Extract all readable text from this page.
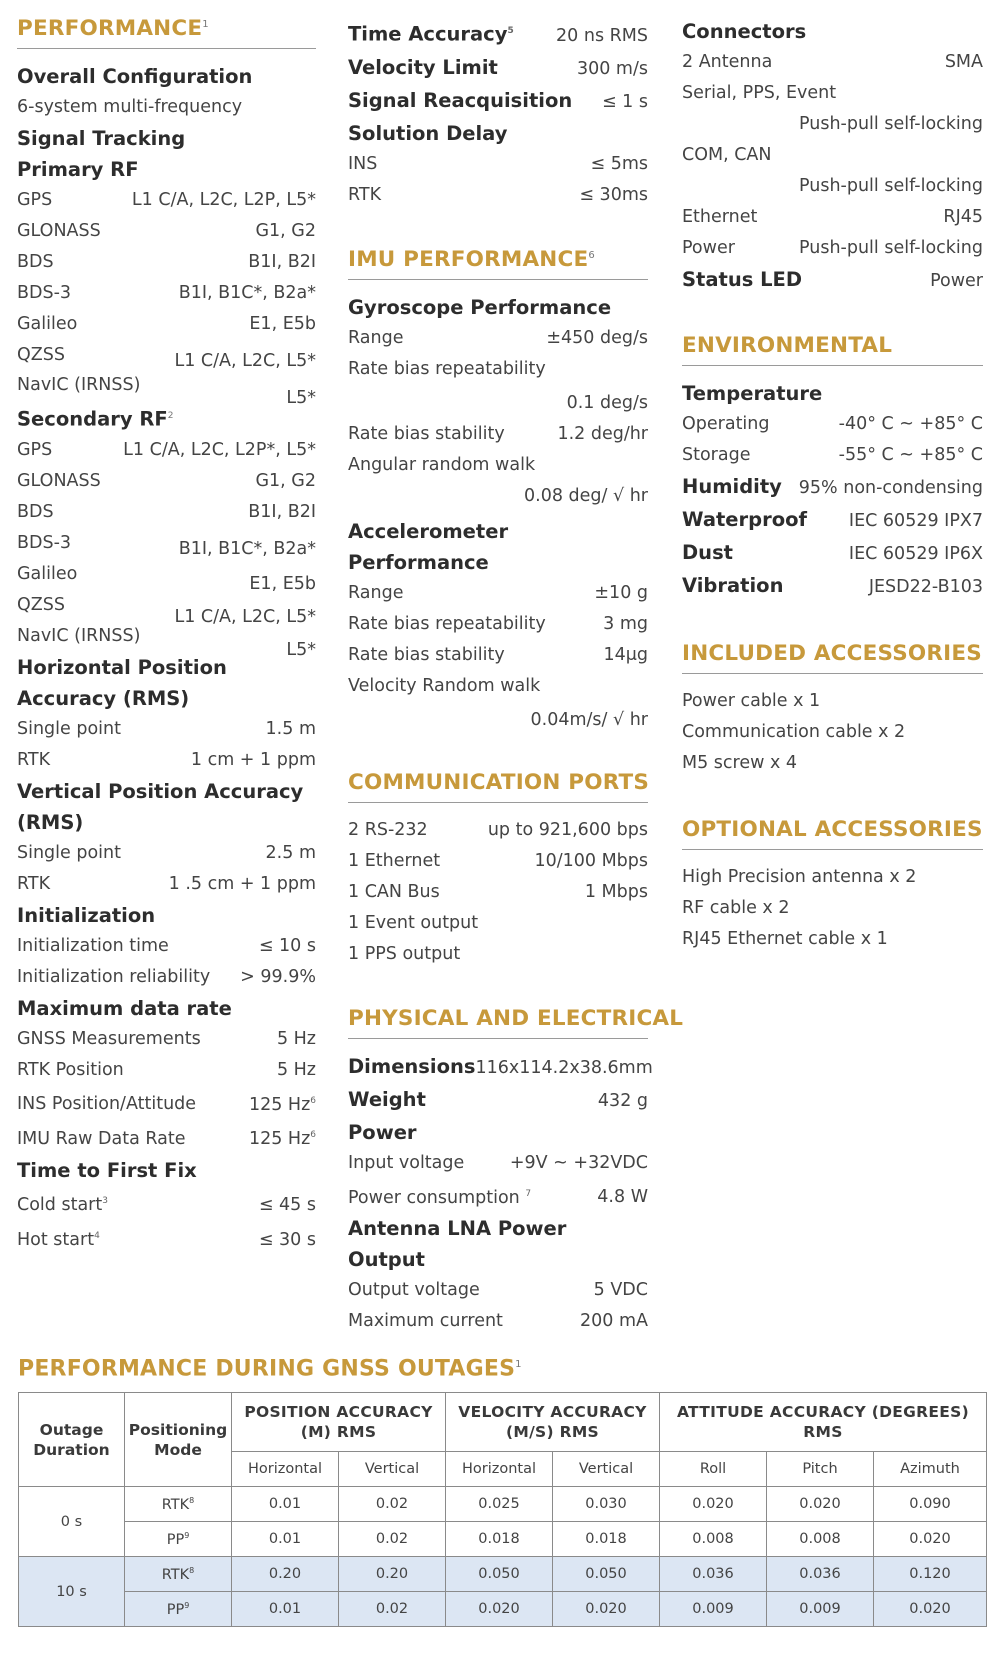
PERFORMANCE$^1$
Overall Configuration
6-system multi-frequency
Signal Tracking
Primary RF
GPS	L1 C/A, L2C, L2P, L5*
GLONASS	G1, G2
BDS	B1I, B2I
BDS-3	B1I, B1C*, B2a*
Galileo	E1, E5b
QZSS	L1 C/A, L2C, L5*
NavIC (IRNSS)
L5*
Secondary $RF^2$
GPS	L1 C/A, L2C, L2P*, L5*
GLONASS	G1, G2
BDS	B1I, B2I
BDS-3	B1I, B1C*, B2a*
Galileo	E1, E5b
QZSS
L1 C/A, L2C, L5*
NavIC (IRNSS)
L5*
Horizontal Position
Accuracy (RMS)
Single point	1.5 m
RTK	1 cm + 1 ppm
Vertical Position Accuracy
(RMS)
Single point	2.5 m
RTK	1 .5 cm + 1 ppm
Initialization
Initialization time	≤ 10 s
Initialization reliability > 99.9%
Maximum data rate
GNSS Measurements	5 Hz
RTK Position	5 Hz
INS Position/Attitude	125 Hz$^6$
IMU Raw Data Rate	125 Hz$^6$
Time to First Fix
Cold start$^3$	≤ 45 s
Hot start$^4$	≤ 30 s
Time Accuracy$^5$ 20 ns RMS
Velocity Limit	300 m/s
Signal Reacquisition ≤ 1 s
Solution Delay
INS	≤ 5ms
RTK	≤ 30ms
IMU PERFORMANCE$^6$
Gyroscope Performance
Range	±450 deg/s
Rate bias repeatability
0.1 deg/s
Rate bias stability	1.2 deg/hr
Angular random walk
0.08 deg/ √ hr
Accelerometer Performance
Range	±10 g
Rate bias repeatability	3 mg
Rate bias stability	14μg
Velocity Random walk
0.04m/s/ √ hr
COMMUNICATION PORTS
2 RS-232	up to 921,600 bps
1 Ethernet	10/100 Mbps
1 CAN Bus	1 Mbps
1 Event output
1 PPS output
PHYSICAL AND ELECTRICAL
Dimensions 116x114.2x38.6mm
Weight	432 g
Power
Input voltage	+9V ~ +32VDC
Power consumption $^7$	4.8 W
Antenna LNA Power Output
Output voltage	5 VDC
Maximum current	200 mA
Connectors
2 Antenna	SMA
Serial, PPS, Event
Push-pull self-locking
COM, CAN
Push-pull self-locking
Ethernet	RJ45
Power	Push-pull self-locking
Status LED	Power
ENVIRONMENTAL
Temperature
Operating	-40° C ~ +85° C
Storage	-55° C ~ +85° C
Humidity 95% non-condensing
Waterproof IEC 60529 IPX7
Dust	IEC 60529 IP6X
Vibration	JESD22-B103
INCLUDED ACCESSORIES
Power cable x 1
Communication cable x 2
M5 screw x 4
OPTIONAL ACCESSORIES
High Precision antenna x 2
RF cable x 2
RJ45 Ethernet cable x 1
PERFORMANCE DURING GNSS OUTAGES$^1$
Outage Duration	Positioning Mode	POSITION ACCURACY (M) RMS		VELOCITY ACCURACY (M/S) RMS		ATTITUDE ACCURACY (DEGREES) RMS		
		Horizontal	Vertical	Horizontal	Vertical	Roll	Pitch	Azimuth
0 s	RTK$^8$	0.01	0.02	0.025	0.030	0.020	0.020	0.090
	$PP^9$	0.01	0.02	0.018	0.018	0.008	0.008	0.020
10 s	RTK$^8$	0.20	0.20	0.050	0.050	0.036	0.036	0.120
	$PP^9$	0.01	0.02	0.020	0.020	0.009	0.009	0.020
